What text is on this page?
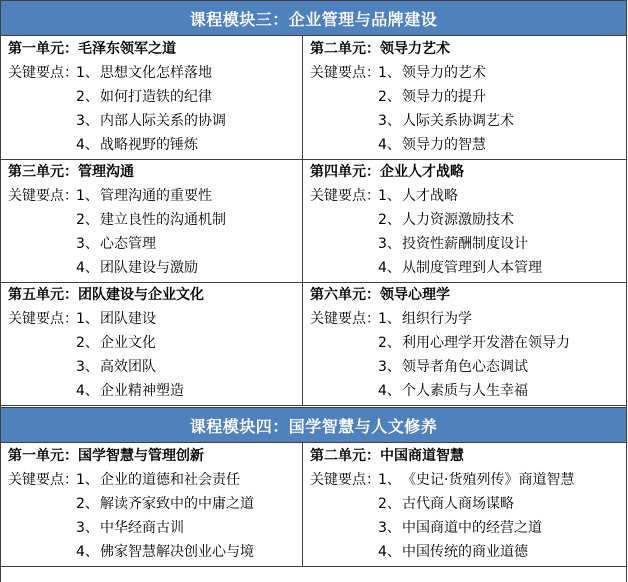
课程模块三：企业管理与品牌建设
第一单元：毛泽东领军之道
关键要点：1、思想文化怎样落地
2、如何打造铁的纪律
3、内部人际关系的协调
4、战略视野的锤炼
第二单元：领导力艺术
关键要点：1、领导力的艺术
2、领导力的提升
3、人际关系协调艺术
4、领导力的智慧
第三单元：管理沟通
关键要点：1、管理沟通的重要性
2、建立良性的沟通机制
3、心态管理
4、团队建设与激励
第四单元：企业人才战略
关键要点：1、人才战略
2、人力资源激励技术
3、投资性薪酬制度设计
4、从制度管理到人本管理
第五单元：团队建设与企业文化
关键要点：1、团队建设
2、企业文化
3、高效团队
4、企业精神塑造
第六单元：领导心理学
关键要点：1、组织行为学
2、利用心理学开发潜在领导力
3、领导者角色心态调试
4、个人素质与人生幸福
课程模块四：国学智慧与人文修养
第一单元：国学智慧与管理创新
关键要点：1、企业的道德和社会责任
2、解读齐家致中的中庸之道
3、中华经商古训
4、佛家智慧解决创业心与境
第二单元：中国商道智慧
关键要点：1、《史记·货殖列传》商道智慧
2、古代商人商场谋略
3、中国商道中的经营之道
4、中国传统的商业道德
